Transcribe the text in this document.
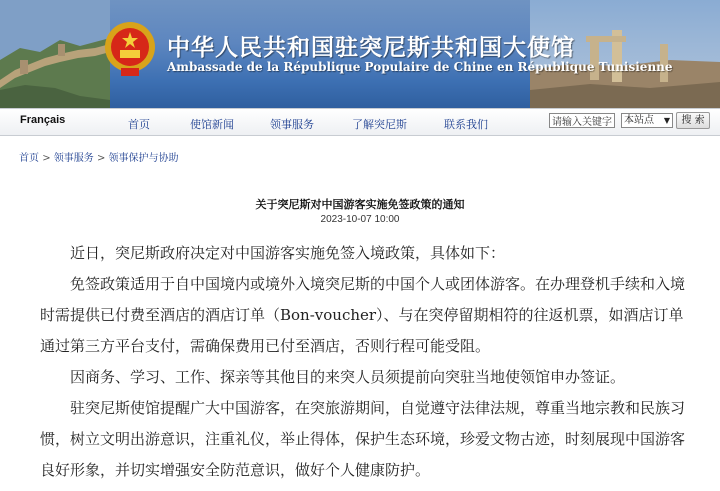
中华人民共和国驻突尼斯共和国大使馆
Ambassade de la République Populaire de Chine en République Tunisienne
Français	首页	使馆新闻	领事服务	了解突尼斯	联系我们
请输入关键字	本站点 ▼	搜 索
首页 > 领事服务 > 领事保护与协助
关于突尼斯对中国游客实施免签政策的通知
2023-10-07 10:00

近日，突尼斯政府决定对中国游客实施免签入境政策，具体如下：

免签政策适用于自中国境内或境外入境突尼斯的中国个人或团体游客。在办理登机手续和入境时需提供已付费至酒店的酒店订单（Bon-voucher）、与在突停留期相符的往返机票，如酒店订单通过第三方平台支付，需确保费用已付至酒店，否则行程可能受阻。

因商务、学习、工作、探亲等其他目的来突人员须提前向突驻当地使领馆申办签证。

驻突尼斯使馆提醒广大中国游客，在突旅游期间，自觉遵守法律法规，尊重当地宗教和民族习惯，树立文明出游意识，注重礼仪，举止得体，保护生态环境，珍爱文物古迹，时刻展现中国游客良好形象，并切实增强安全防范意识，做好个人健康防护。
